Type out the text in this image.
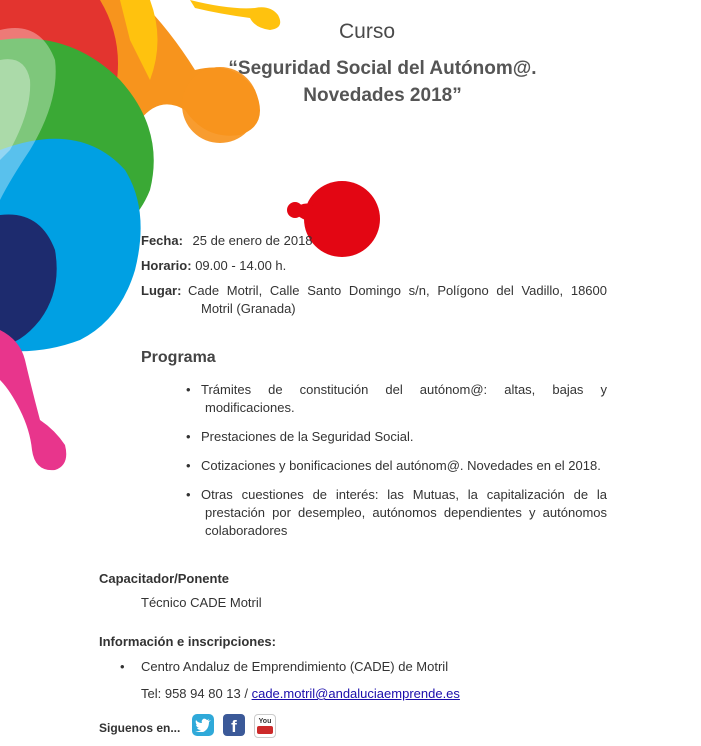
Curso
“Seguridad Social del Autónom@.
Novedades 2018”
Fecha: 25 de enero de 2018
Horario: 09.00 - 14.00 h.
Lugar: Cade Motril, Calle Santo Domingo s/n, Polígono del Vadillo, 18600
Motril (Granada)
Programa
• Trámites de constitución del autónom@: altas, bajas y
modificaciones.
• Prestaciones de la Seguridad Social.
• Cotizaciones y bonificaciones del autónom@. Novedades en el 2018.
• Otras cuestiones de interés: las Mutuas, la capitalización de la
prestación por desempleo, autónomos dependientes y autónomos
colaboradores
Capacitador/Ponente
Técnico CADE Motril
Información e inscripciones:
• Centro Andaluz de Emprendimiento (CADE) de Motril
Tel: 958 94 80 13 / cade.motril@andaluciaemprende.es
Siguenos en...	f	You
